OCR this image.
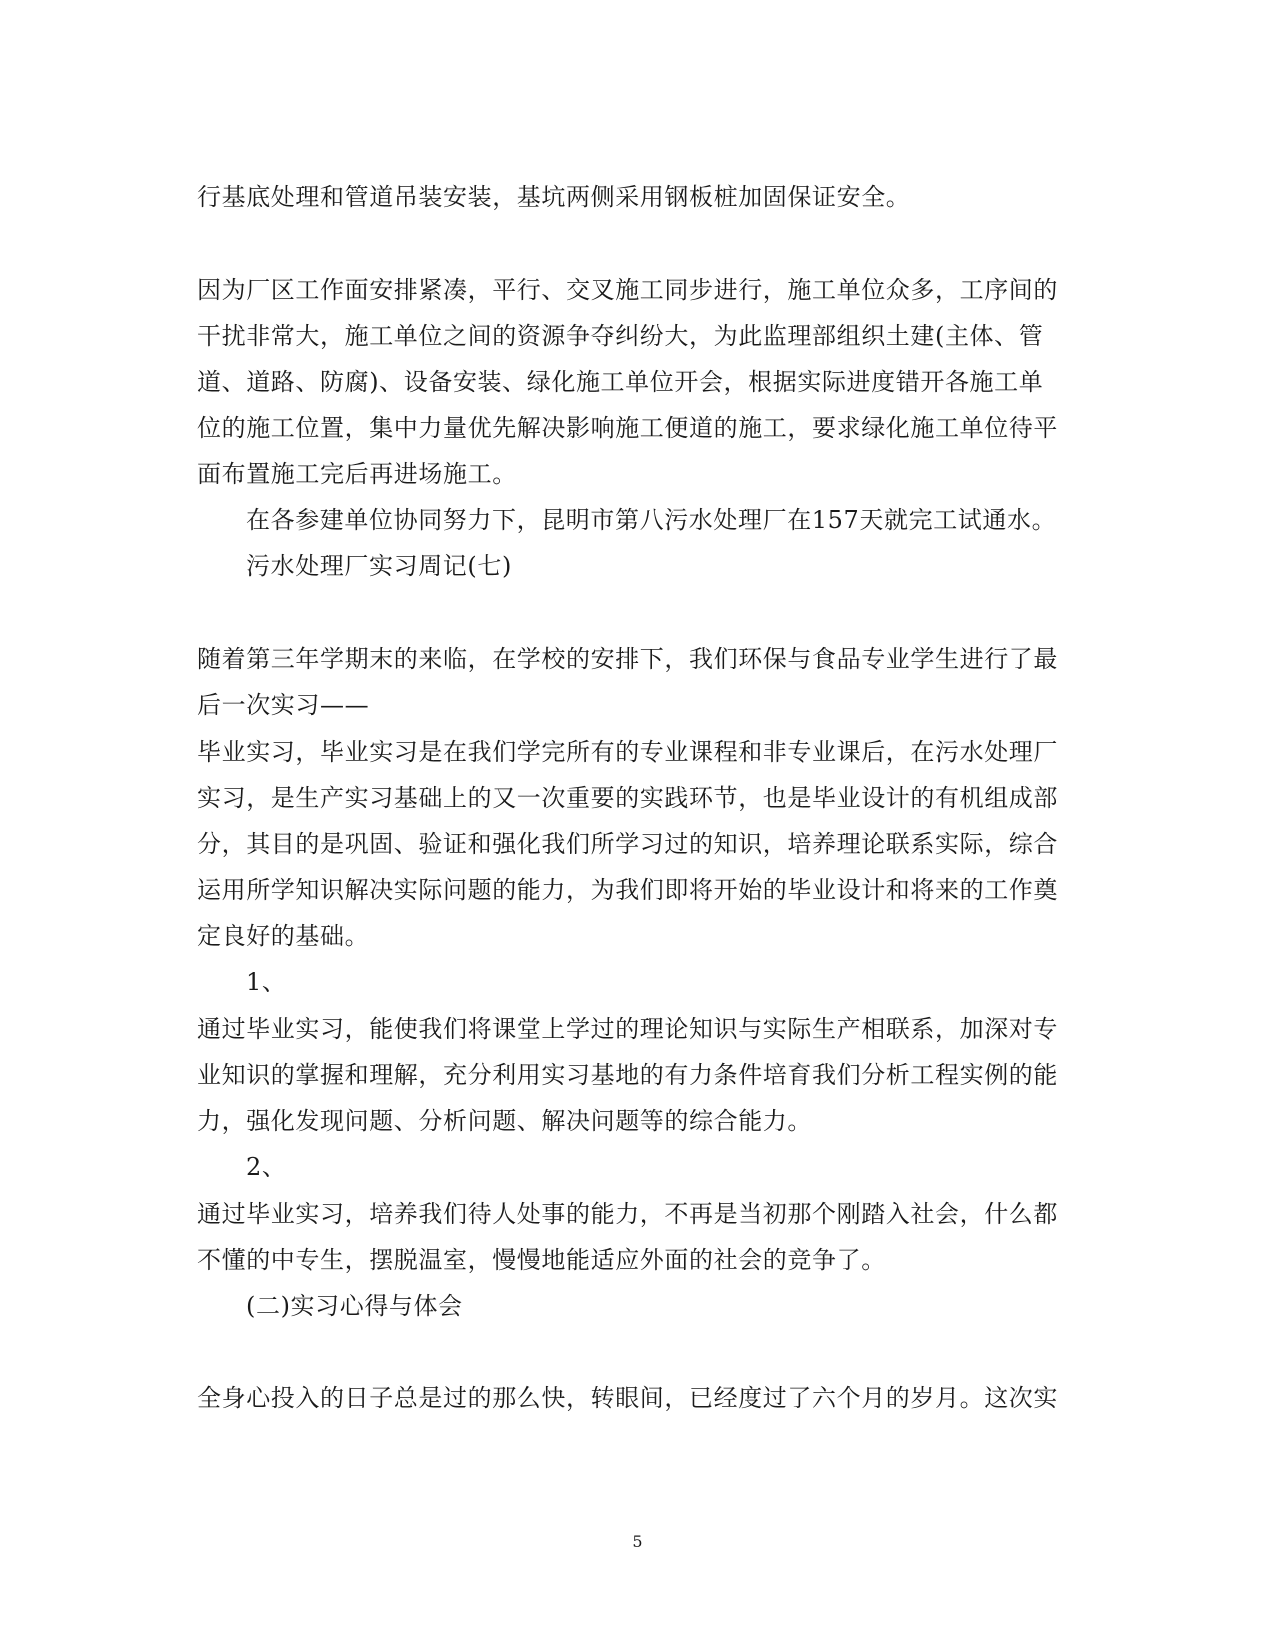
行基底处理和管道吊装安装，基坑两侧采用钢板桩加固保证安全。

因为厂区工作面安排紧凑，平行、交叉施工同步进行，施工单位众多，工序间的

干扰非常大，施工单位之间的资源争夺纠纷大，为此监理部组织土建(主体、管

道、道路、防腐)、设备安装、绿化施工单位开会，根据实际进度错开各施工单

位的施工位置，集中力量优先解决影响施工便道的施工，要求绿化施工单位待平

面布置施工完后再进场施工。

在各参建单位协同努力下，昆明市第八污水处理厂在157天就完工试通水。

污水处理厂实习周记(七)

随着第三年学期末的来临，在学校的安排下，我们环保与食品专业学生进行了最

后一次实习——

毕业实习，毕业实习是在我们学完所有的专业课程和非专业课后，在污水处理厂

实习，是生产实习基础上的又一次重要的实践环节，也是毕业设计的有机组成部

分，其目的是巩固、验证和强化我们所学习过的知识，培养理论联系实际，综合

运用所学知识解决实际问题的能力，为我们即将开始的毕业设计和将来的工作奠

定良好的基础。

1、

通过毕业实习，能使我们将课堂上学过的理论知识与实际生产相联系，加深对专

业知识的掌握和理解，充分利用实习基地的有力条件培育我们分析工程实例的能

力，强化发现问题、分析问题、解决问题等的综合能力。

2、

通过毕业实习，培养我们待人处事的能力，不再是当初那个刚踏入社会，什么都

不懂的中专生，摆脱温室，慢慢地能适应外面的社会的竞争了。

(二)实习心得与体会

全身心投入的日子总是过的那么快，转眼间，已经度过了六个月的岁月。这次实

5
